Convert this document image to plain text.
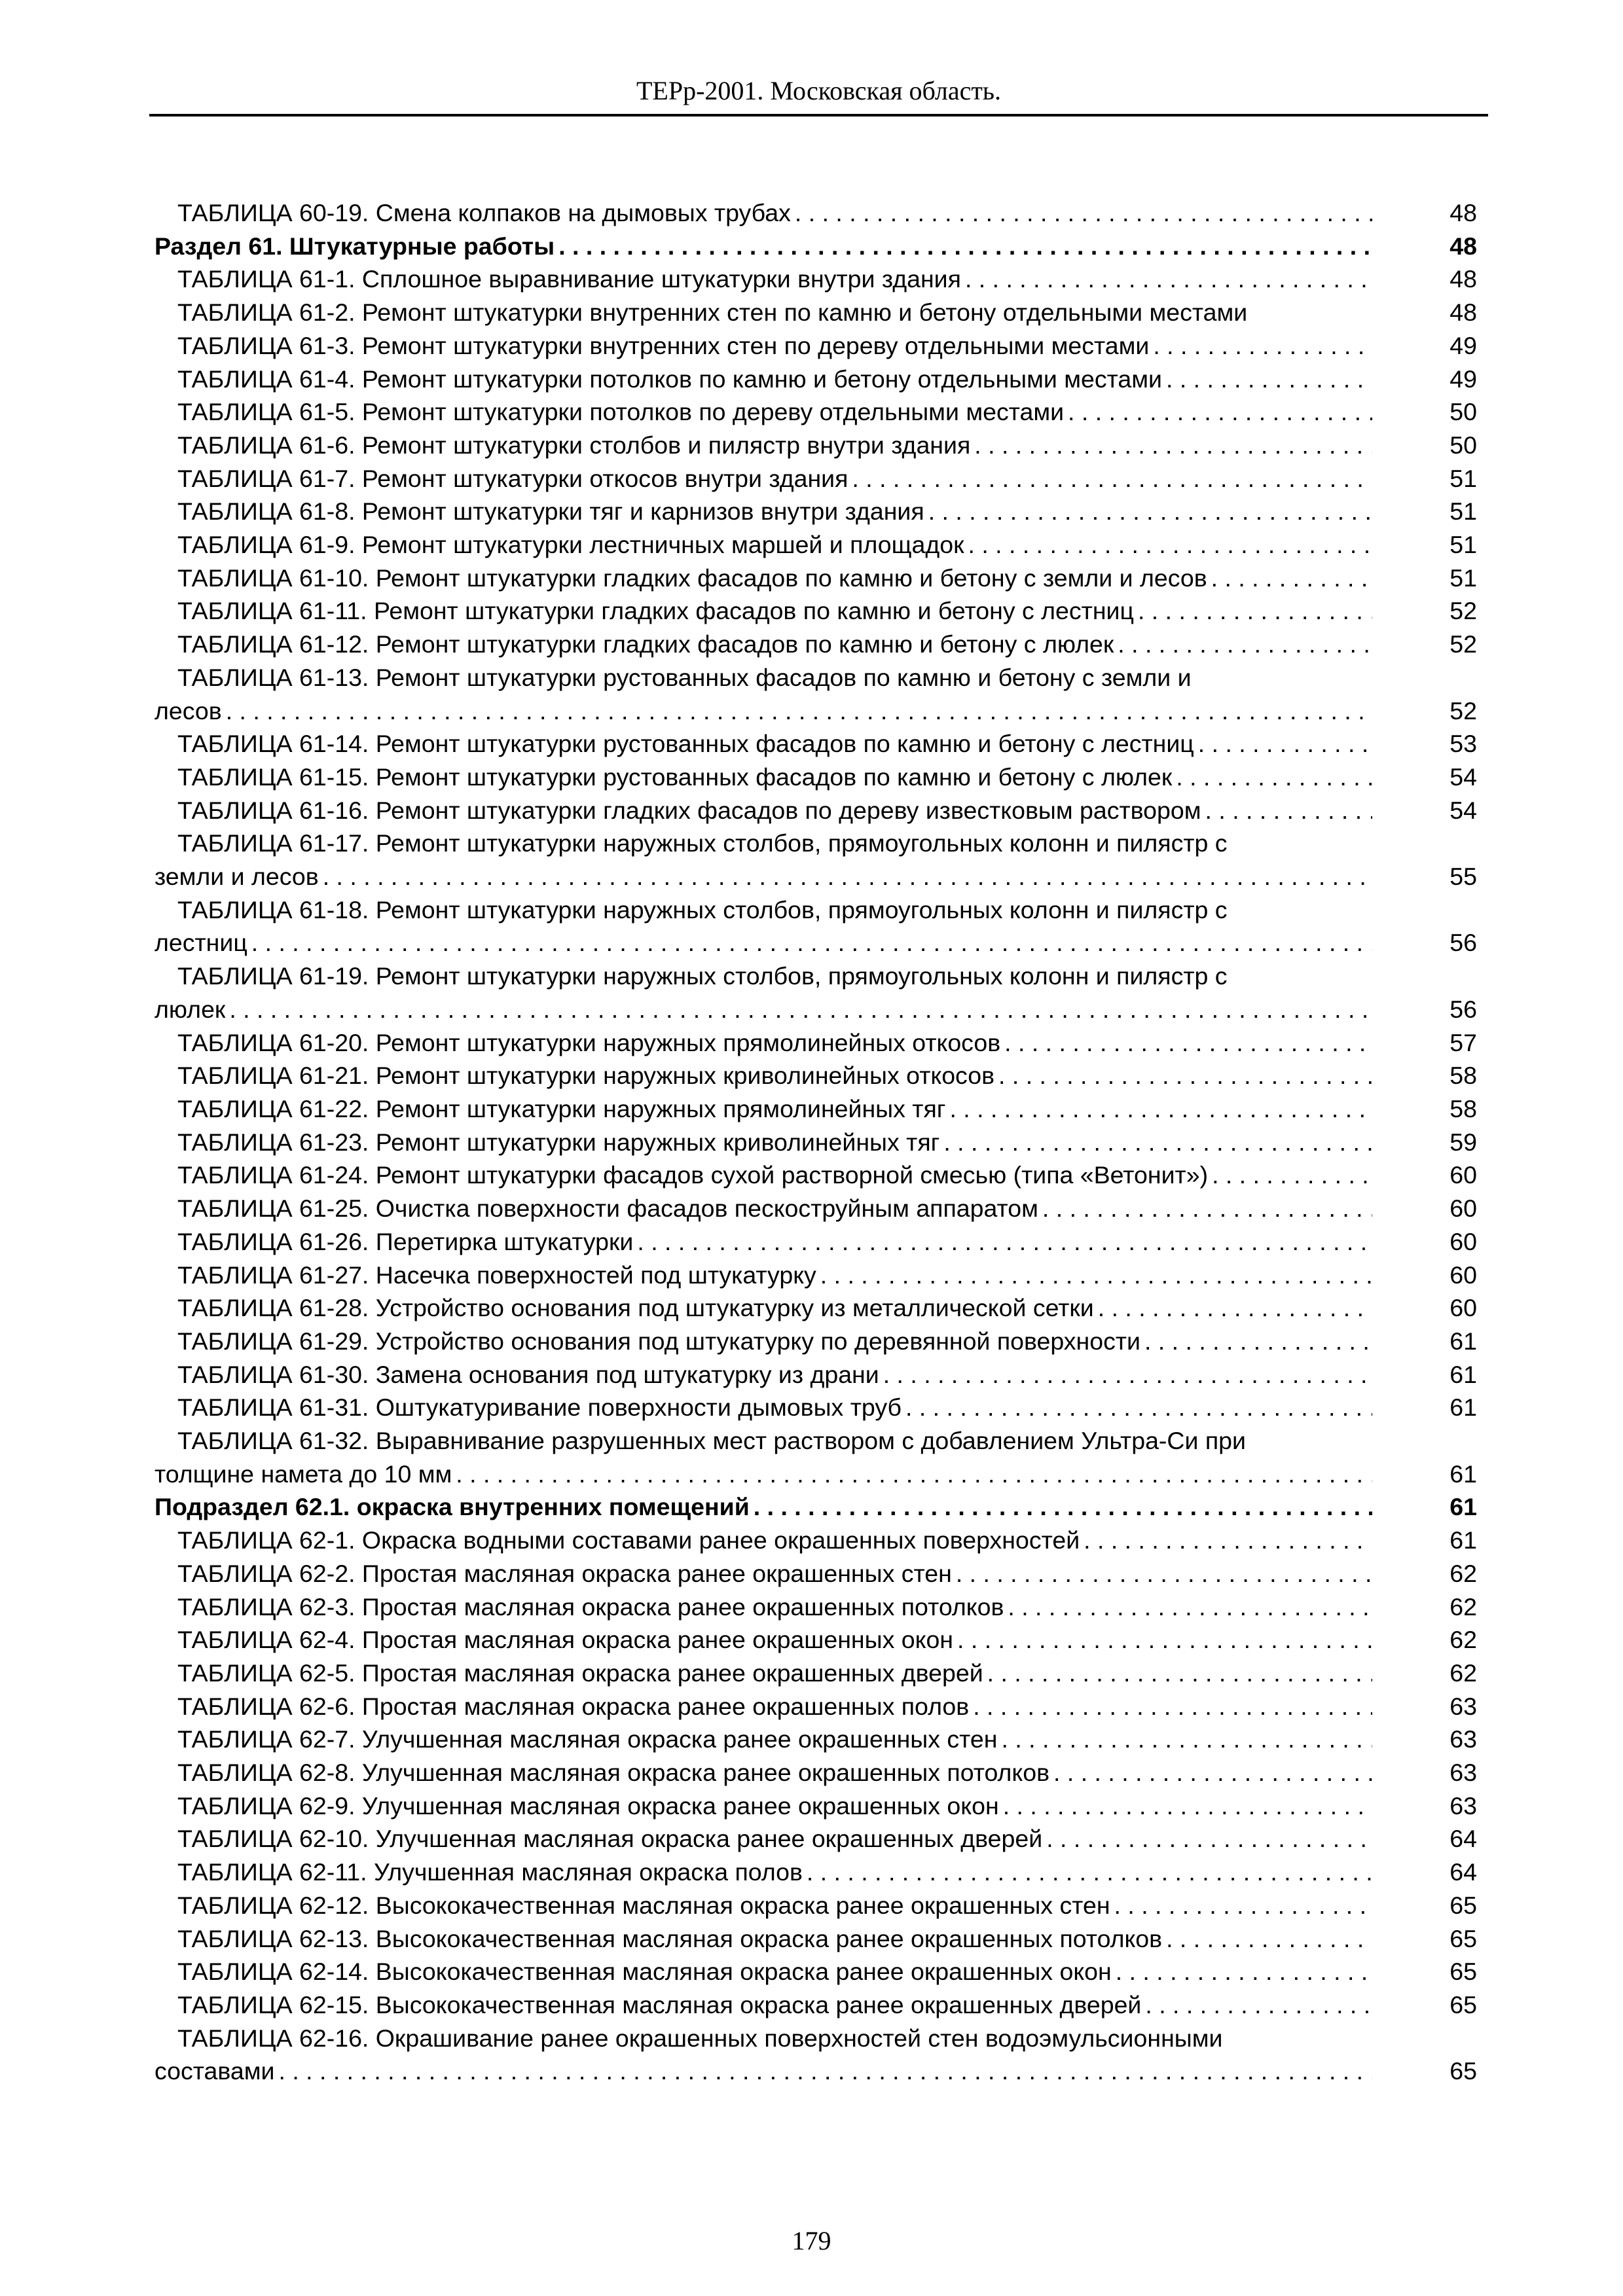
ТЕРр-2001. Московская область.
ТАБЛИЦА 60-19. Смена колпаков на дымовых трубах . . .	48
Раздел 61. Штукатурные работы . . .	48
ТАБЛИЦА 61-1. Сплошное выравнивание штукатурки внутри здания . . .	48
ТАБЛИЦА 61-2. Ремонт штукатурки внутренних стен по камню и бетону отдельными местами	48
ТАБЛИЦА 61-3. Ремонт штукатурки внутренних стен по дереву отдельными местами . . .	49
ТАБЛИЦА 61-4. Ремонт штукатурки потолков по камню и бетону отдельными местами . . .	49
ТАБЛИЦА 61-5. Ремонт штукатурки потолков по дереву отдельными местами . . .	50
ТАБЛИЦА 61-6. Ремонт штукатурки столбов и пилястр внутри здания . . .	50
ТАБЛИЦА 61-7. Ремонт штукатурки откосов внутри здания . . .	51
ТАБЛИЦА 61-8. Ремонт штукатурки тяг и карнизов внутри здания . . .	51
ТАБЛИЦА 61-9. Ремонт штукатурки лестничных маршей и площадок . . .	51
ТАБЛИЦА 61-10. Ремонт штукатурки гладких фасадов по камню и бетону с земли и лесов . . .	51
ТАБЛИЦА 61-11. Ремонт штукатурки гладких фасадов по камню и бетону с лестниц . . .	52
ТАБЛИЦА 61-12. Ремонт штукатурки гладких фасадов по камню и бетону с люлек . . .	52
ТАБЛИЦА 61-13. Ремонт штукатурки рустованных фасадов по камню и бетону с земли и
лесов . . .	52
ТАБЛИЦА 61-14. Ремонт штукатурки рустованных фасадов по камню и бетону с лестниц . . .	53
ТАБЛИЦА 61-15. Ремонт штукатурки рустованных фасадов по камню и бетону с люлек . . .	54
ТАБЛИЦА 61-16. Ремонт штукатурки гладких фасадов по дереву известковым раствором . . .	54
ТАБЛИЦА 61-17. Ремонт штукатурки наружных столбов, прямоугольных колонн и пилястр с
земли и лесов . . .	55
ТАБЛИЦА 61-18. Ремонт штукатурки наружных столбов, прямоугольных колонн и пилястр с
лестниц . . .	56
ТАБЛИЦА 61-19. Ремонт штукатурки наружных столбов, прямоугольных колонн и пилястр с
люлек . . .	56
ТАБЛИЦА 61-20. Ремонт штукатурки наружных прямолинейных откосов . . .	57
ТАБЛИЦА 61-21. Ремонт штукатурки наружных криволинейных откосов . . .	58
ТАБЛИЦА 61-22. Ремонт штукатурки наружных прямолинейных тяг . . .	58
ТАБЛИЦА 61-23. Ремонт штукатурки наружных криволинейных тяг . . .	59
ТАБЛИЦА 61-24. Ремонт штукатурки фасадов сухой растворной смесью (типа «Ветонит») . . .	60
ТАБЛИЦА 61-25. Очистка поверхности фасадов пескоструйным аппаратом . . .	60
ТАБЛИЦА 61-26. Перетирка штукатурки . . .	60
ТАБЛИЦА 61-27. Насечка поверхностей под штукатурку . . .	60
ТАБЛИЦА 61-28. Устройство основания под штукатурку из металлической сетки . . .	60
ТАБЛИЦА 61-29. Устройство основания под штукатурку по деревянной поверхности . . .	61
ТАБЛИЦА 61-30. Замена основания под штукатурку из драни . . .	61
ТАБЛИЦА 61-31. Оштукатуривание поверхности дымовых труб . . .	61
ТАБЛИЦА 61-32. Выравнивание разрушенных мест раствором с добавлением Ультра-Си при
толщине намета до 10 мм . . .	61
Подраздел 62.1. окраска внутренних помещений . . .	61
ТАБЛИЦА 62-1. Окраска водными составами ранее окрашенных поверхностей . . .	61
ТАБЛИЦА 62-2. Простая масляная окраска ранее окрашенных стен . . .	62
ТАБЛИЦА 62-3. Простая масляная окраска ранее окрашенных потолков . . .	62
ТАБЛИЦА 62-4. Простая масляная окраска ранее окрашенных окон . . .	62
ТАБЛИЦА 62-5. Простая масляная окраска ранее окрашенных дверей . . .	62
ТАБЛИЦА 62-6. Простая масляная окраска ранее окрашенных полов . . .	63
ТАБЛИЦА 62-7. Улучшенная масляная окраска ранее окрашенных стен . . .	63
ТАБЛИЦА 62-8. Улучшенная масляная окраска ранее окрашенных потолков . . .	63
ТАБЛИЦА 62-9. Улучшенная масляная окраска ранее окрашенных окон . . .	63
ТАБЛИЦА 62-10. Улучшенная масляная окраска ранее окрашенных дверей . . .	64
ТАБЛИЦА 62-11. Улучшенная масляная окраска полов . . .	64
ТАБЛИЦА 62-12. Высококачественная масляная окраска ранее окрашенных стен . . .	65
ТАБЛИЦА 62-13. Высококачественная масляная окраска ранее окрашенных потолков . . .	65
ТАБЛИЦА 62-14. Высококачественная масляная окраска ранее окрашенных окон . . .	65
ТАБЛИЦА 62-15. Высококачественная масляная окраска ранее окрашенных дверей . . .	65
ТАБЛИЦА 62-16. Окрашивание ранее окрашенных поверхностей стен водоэмульсионными
составами . . .	65
179
